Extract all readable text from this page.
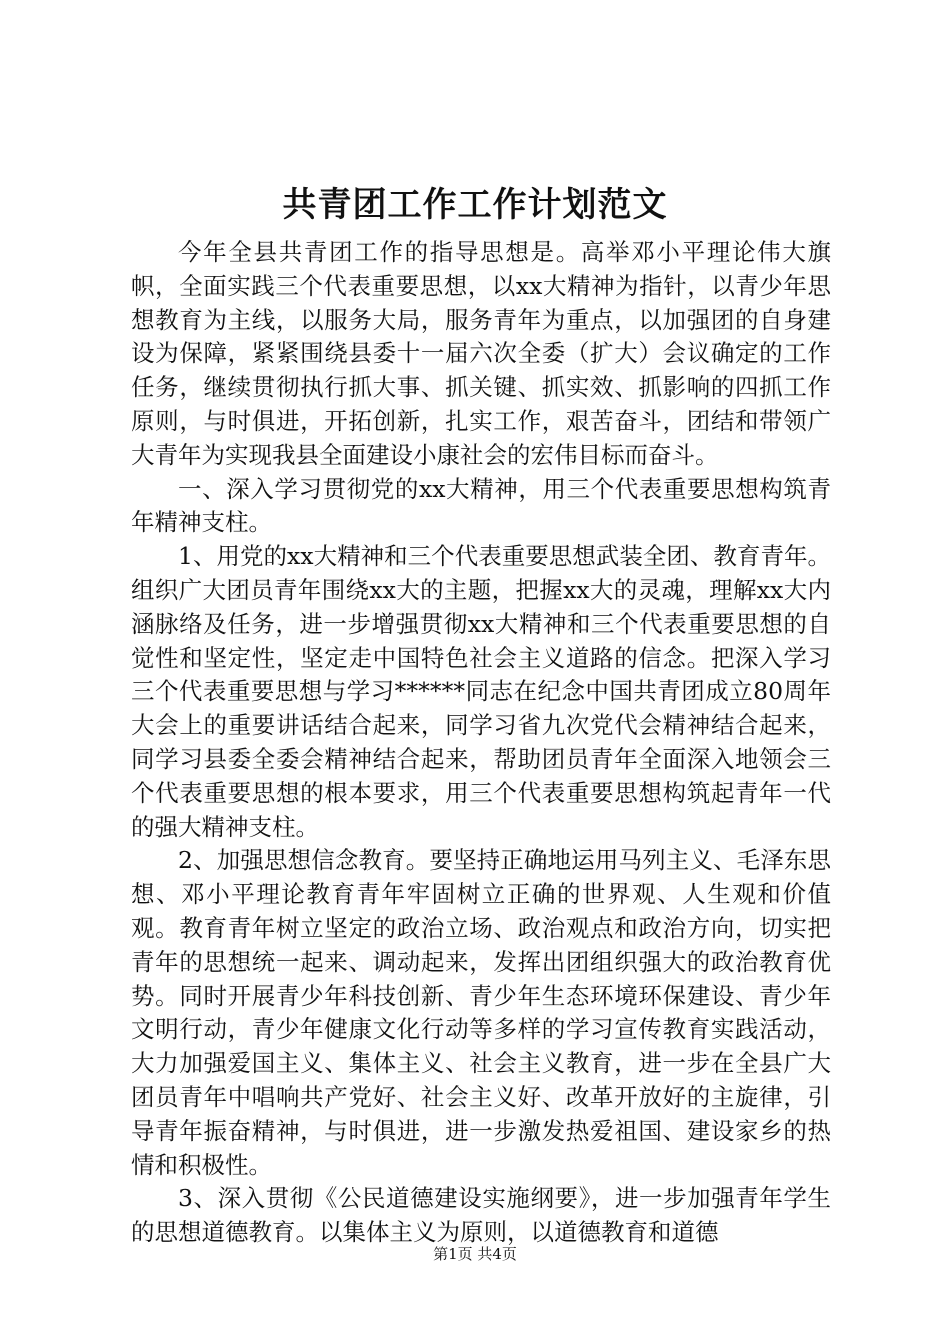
共青团工作工作计划范文

今年全县共青团工作的指导思想是。高举邓小平理论伟大旗帜，全面实践三个代表重要思想，以xx大精神为指针，以青少年思想教育为主线，以服务大局，服务青年为重点，以加强团的自身建设为保障，紧紧围绕县委十一届六次全委（扩大）会议确定的工作任务，继续贯彻执行抓大事、抓关键、抓实效、抓影响的四抓工作原则，与时俱进，开拓创新，扎实工作，艰苦奋斗，团结和带领广大青年为实现我县全面建设小康社会的宏伟目标而奋斗。

一、深入学习贯彻党的xx大精神，用三个代表重要思想构筑青年精神支柱。

1、用党的xx大精神和三个代表重要思想武装全团、教育青年。组织广大团员青年围绕xx大的主题，把握xx大的灵魂，理解xx大内涵脉络及任务，进一步增强贯彻xx大精神和三个代表重要思想的自觉性和坚定性，坚定走中国特色社会主义道路的信念。把深入学习三个代表重要思想与学习******同志在纪念中国共青团成立80周年大会上的重要讲话结合起来，同学习省九次党代会精神结合起来，同学习县委全委会精神结合起来，帮助团员青年全面深入地领会三个代表重要思想的根本要求，用三个代表重要思想构筑起青年一代的强大精神支柱。

2、加强思想信念教育。要坚持正确地运用马列主义、毛泽东思想、邓小平理论教育青年牢固树立正确的世界观、人生观和价值观。教育青年树立坚定的政治立场、政治观点和政治方向，切实把青年的思想统一起来、调动起来，发挥出团组织强大的政治教育优势。同时开展青少年科技创新、青少年生态环境环保建设、青少年文明行动，青少年健康文化行动等多样的学习宣传教育实践活动，大力加强爱国主义、集体主义、社会主义教育，进一步在全县广大团员青年中唱响共产党好、社会主义好、改革开放好的主旋律，引导青年振奋精神，与时俱进，进一步激发热爱祖国、建设家乡的热情和积极性。

3、深入贯彻《公民道德建设实施纲要》，进一步加强青年学生的思想道德教育。以集体主义为原则，以道德教育和道德

第1页 共4页
